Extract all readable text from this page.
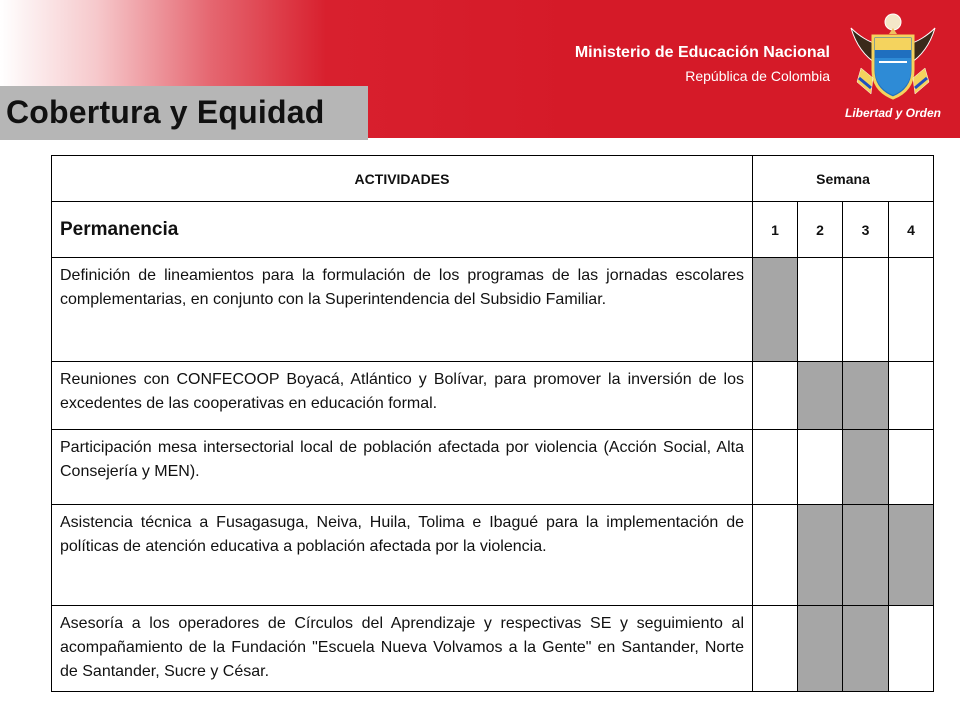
Ministerio de Educación Nacional
República de Colombia
Libertad y Orden
Cobertura y Equidad
ACTIVIDADES	Semana			
Permanencia	1	2	3	4
Definición de lineamientos para la formulación de los programas de las jornadas escolares complementarias, en conjunto con la Superintendencia del Subsidio Familiar.				
Reuniones con CONFECOOP Boyacá, Atlántico y Bolívar, para promover la inversión de los excedentes de las cooperativas en educación formal.				
Participación mesa intersectorial local de población afectada por violencia (Acción Social, Alta Consejería y MEN).				
Asistencia técnica a Fusagasuga, Neiva, Huila, Tolima e Ibagué para la implementación de políticas de atención educativa a población afectada por la violencia.				
Asesoría a los operadores de Círculos del Aprendizaje y respectivas SE y seguimiento al acompañamiento de la Fundación "Escuela Nueva Volvamos a la Gente" en Santander, Norte de Santander, Sucre y César.				
